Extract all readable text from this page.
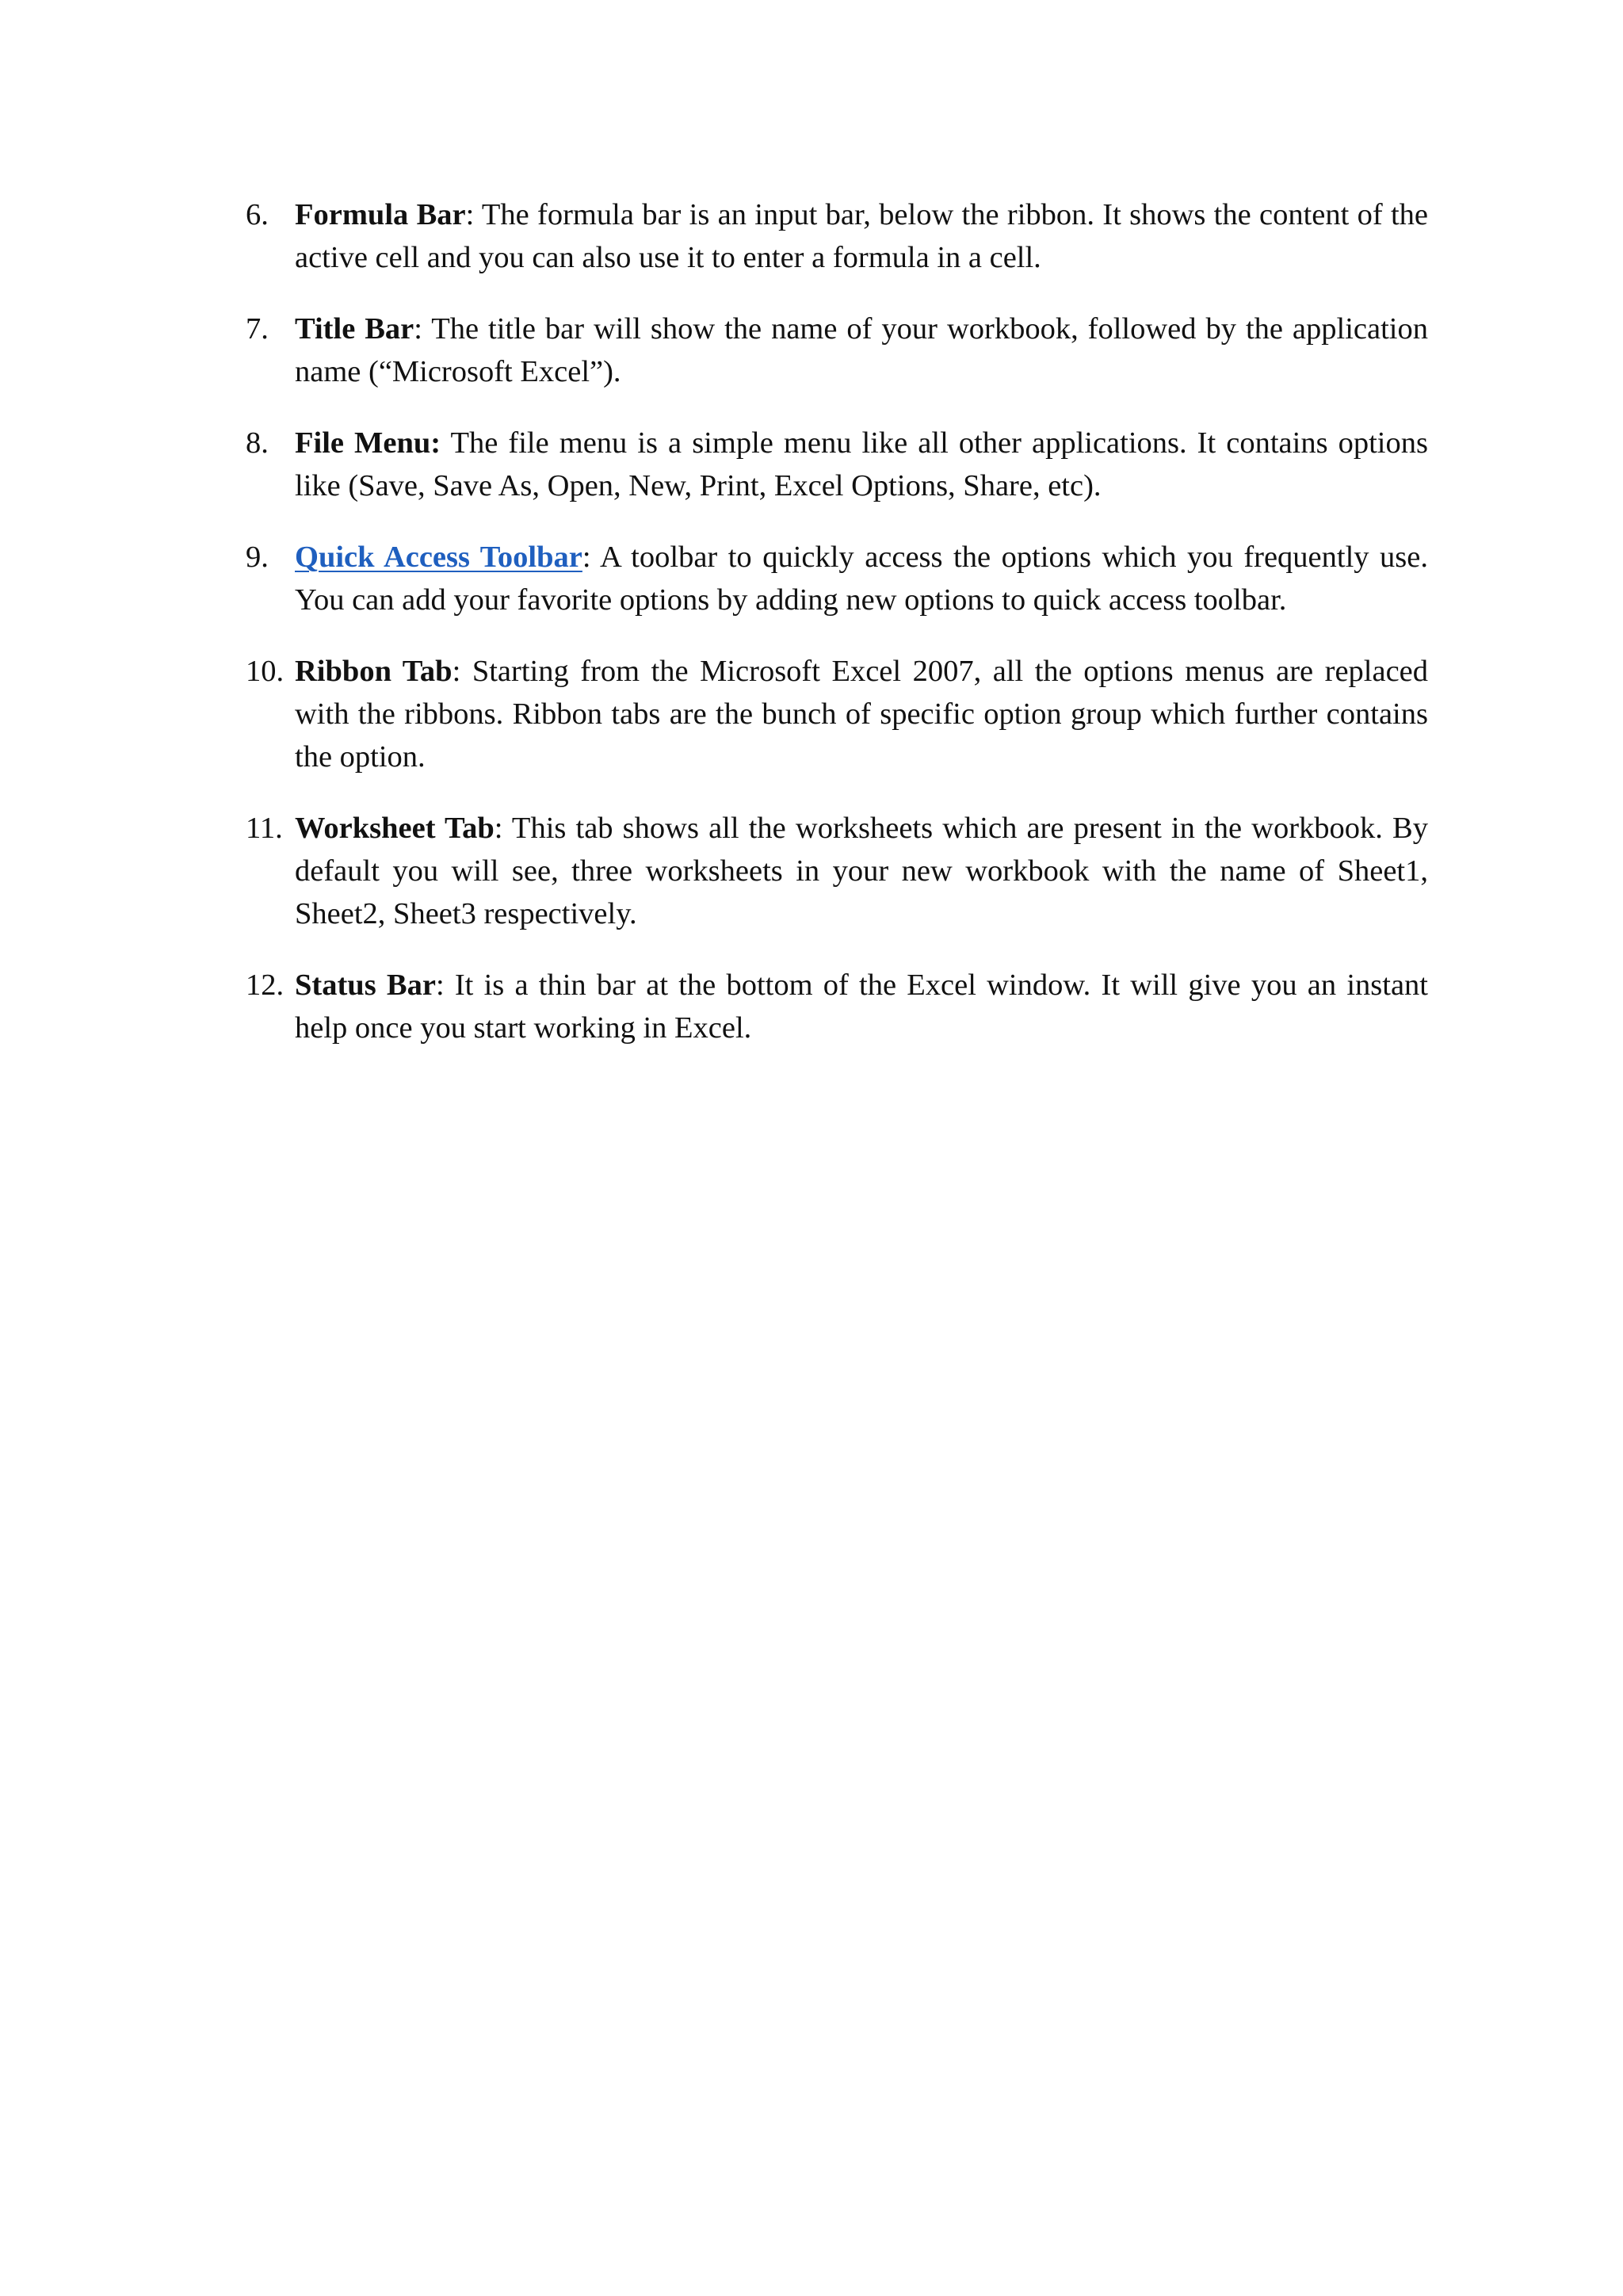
6. Formula Bar: The formula bar is an input bar, below the ribbon. It shows the content of the active cell and you can also use it to enter a formula in a cell.
7. Title Bar: The title bar will show the name of your workbook, followed by the application name (“Microsoft Excel”).
8. File Menu: The file menu is a simple menu like all other applications. It contains options like (Save, Save As, Open, New, Print, Excel Options, Share, etc).
9. Quick Access Toolbar: A toolbar to quickly access the options which you frequently use. You can add your favorite options by adding new options to quick access toolbar.
10. Ribbon Tab: Starting from the Microsoft Excel 2007, all the options menus are replaced with the ribbons. Ribbon tabs are the bunch of specific option group which further contains the option.
11. Worksheet Tab: This tab shows all the worksheets which are present in the workbook. By default you will see, three worksheets in your new workbook with the name of Sheet1, Sheet2, Sheet3 respectively.
12. Status Bar: It is a thin bar at the bottom of the Excel window. It will give you an instant help once you start working in Excel.
